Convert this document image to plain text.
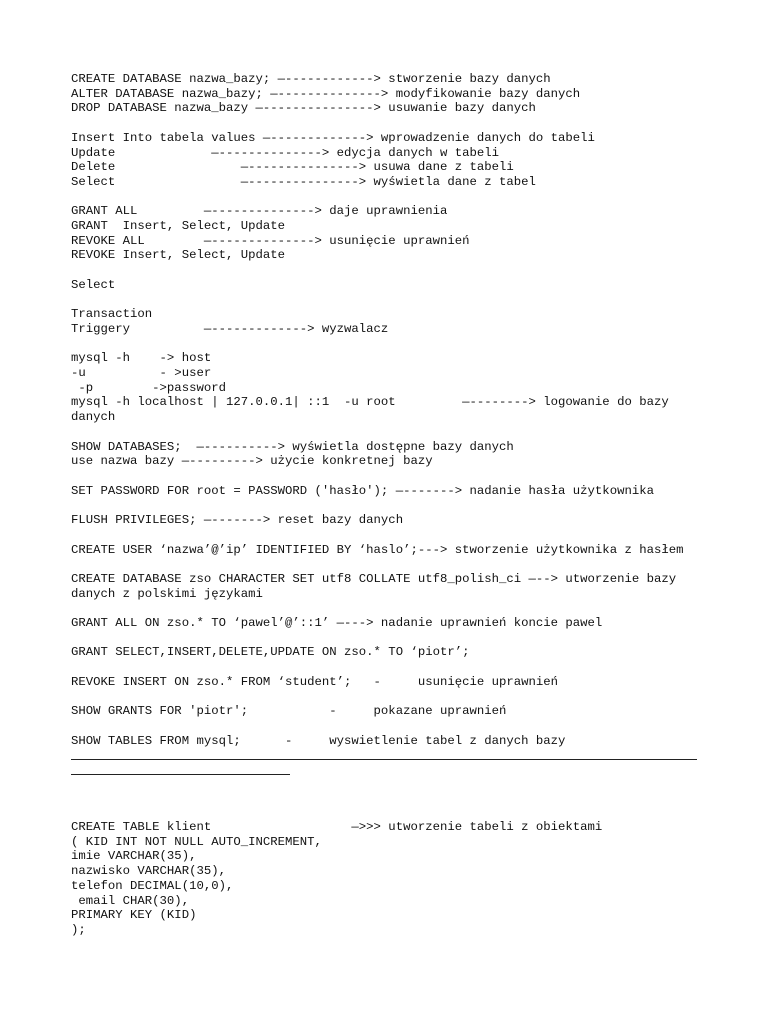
CREATE DATABASE nazwa_bazy; —------------> stworzenie bazy danych
ALTER DATABASE nazwa_bazy; —--------------> modyfikowanie bazy danych
DROP DATABASE nazwa_bazy —---------------> usuwanie bazy danych

Insert Into tabela values —-------------> wprowadzenie danych do tabeli
Update             —--------------> edycja danych w tabeli
Delete                 —---------------> usuwa dane z tabeli
Select                 —---------------> wyświetla dane z tabel

GRANT ALL         —--------------> daje uprawnienia
GRANT  Insert, Select, Update
REVOKE ALL        —--------------> usunięcie uprawnień
REVOKE Insert, Select, Update

Select

Transaction
Triggery          —-------------> wyzwalacz

mysql -h    -> host
-u          - >user
-p        ->password
mysql -h localhost | 127.0.0.1| ::1  -u root         —--------> logowanie do bazy
danych

SHOW DATABASES;  —----------> wyświetla dostępne bazy danych
use nazwa bazy —---------> użycie konkretnej bazy

SET PASSWORD FOR root = PASSWORD ('hasło'); —-------> nadanie hasła użytkownika

FLUSH PRIVILEGES; —-------> reset bazy danych

CREATE USER ‘nazwa’@’ip’ IDENTIFIED BY ‘haslo’;---> stworzenie użytkownika z hasłem

CREATE DATABASE zso CHARACTER SET utf8 COLLATE utf8_polish_ci —--> utworzenie bazy
danych z polskimi językami

GRANT ALL ON zso.* TO ‘pawel’@’::1’ —---> nadanie uprawnień koncie pawel

GRANT SELECT,INSERT,DELETE,UPDATE ON zso.* TO ‘piotr’;

REVOKE INSERT ON zso.* FROM ‘student’;   -     usunięcie uprawnień

SHOW GRANTS FOR 'piotr';           -     pokazane uprawnień

SHOW TABLES FROM mysql;      -     wyswietlenie tabel z danych bazy
CREATE TABLE klient                   —>>> utworzenie tabeli z obiektami
( KID INT NOT NULL AUTO_INCREMENT,
imie VARCHAR(35),
nazwisko VARCHAR(35),
telefon DECIMAL(10,0),
email CHAR(30),
PRIMARY KEY (KID)
);
